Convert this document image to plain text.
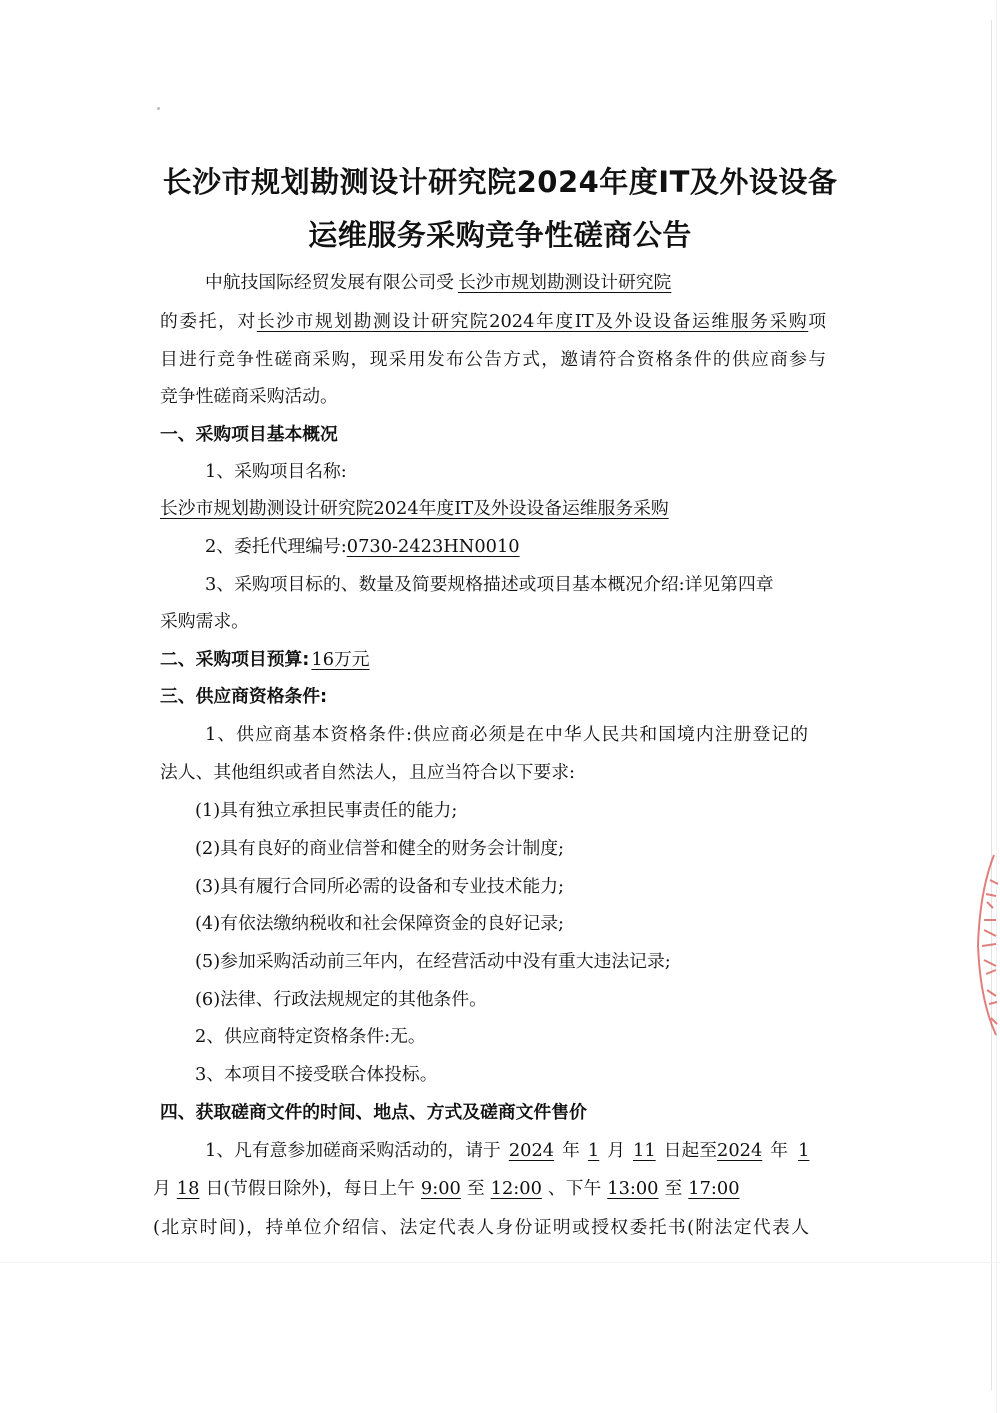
长沙市规划勘测设计研究院2024年度IT及外设设备
运维服务采购竞争性磋商公告
中航技国际经贸发展有限公司受 长沙市规划勘测设计研究院
的委托，对长沙市规划勘测设计研究院2024年度IT及外设设备运维服务采购项
目进行竞争性磋商采购，现采用发布公告方式，邀请符合资格条件的供应商参与
竞争性磋商采购活动。
一、采购项目基本概况
1、采购项目名称:
长沙市规划勘测设计研究院2024年度IT及外设设备运维服务采购
2、委托代理编号:0730-2423HN0010
3、采购项目标的、数量及简要规格描述或项目基本概况介绍:详见第四章
采购需求。
二、采购项目预算: 16万元
三、供应商资格条件:
1、供应商基本资格条件:供应商必须是在中华人民共和国境内注册登记的
法人、其他组织或者自然法人，且应当符合以下要求:
(1)具有独立承担民事责任的能力;
(2)具有良好的商业信誉和健全的财务会计制度;
(3)具有履行合同所必需的设备和专业技术能力;
(4)有依法缴纳税收和社会保障资金的良好记录;
(5)参加采购活动前三年内，在经营活动中没有重大违法记录;
(6)法律、行政法规规定的其他条件。
2、供应商特定资格条件:无。
3、本项目不接受联合体投标。
四、获取磋商文件的时间、地点、方式及磋商文件售价
1、凡有意参加磋商采购活动的，请于 2024 年 1 月 11 日起至2024 年 1
月 18 日(节假日除外)，每日上午 9:00 至 12:00 、下午 13:00 至 17:00
(北京时间)，持单位介绍信、法定代表人身份证明或授权委托书(附法定代表人
